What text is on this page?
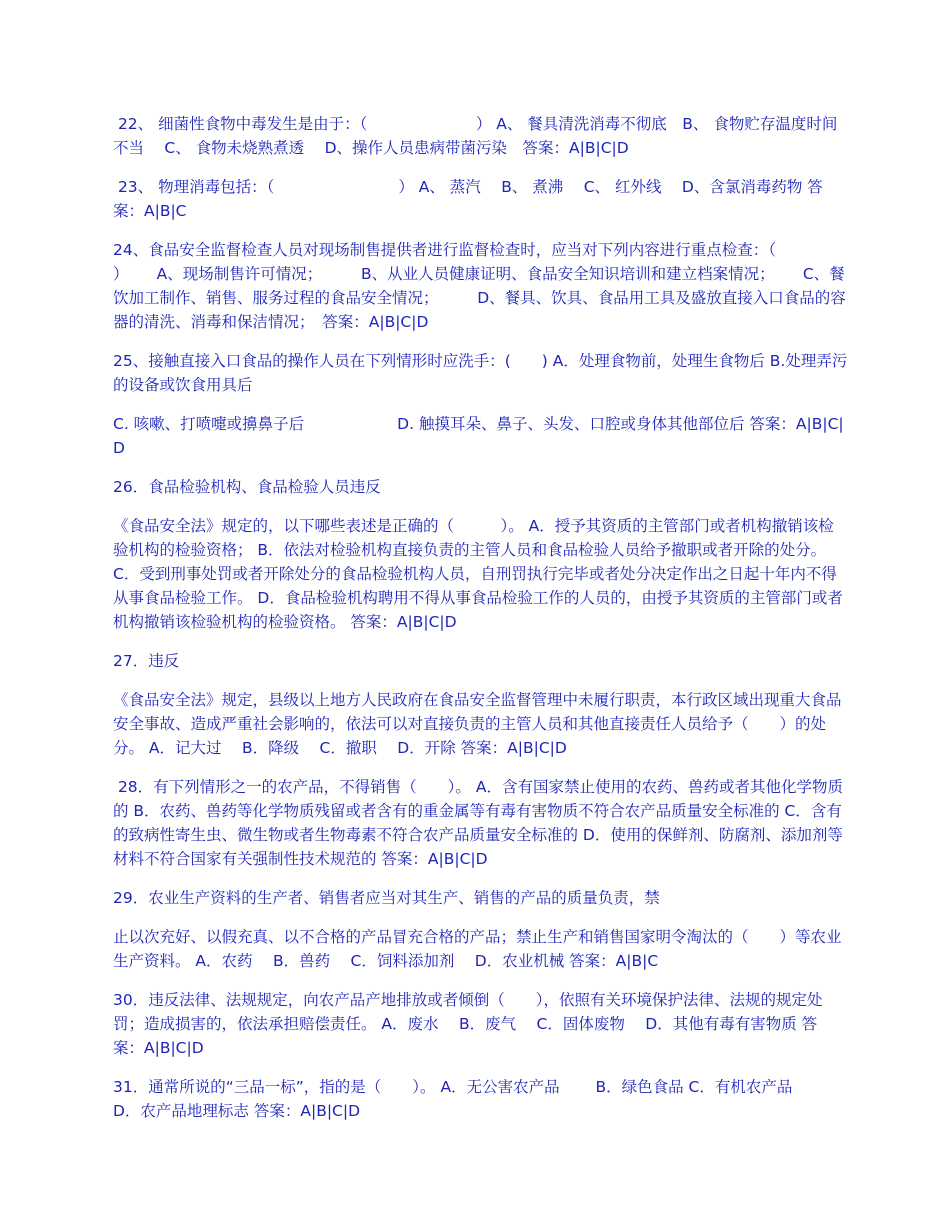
22、 细菌性食物中毒发生是由于：（　　　　　　　） A、 餐具清洗消毒不彻底　B、 食物贮存温度时间不当　 C、 食物未烧熟煮透　 D、操作人员患病带菌污染　答案：A|B|C|D

23、 物理消毒包括：（　　　　　　　　） A、 蒸汽　 B、 煮沸　 C、 红外线　 D、含氯消毒药物 答案：A|B|C

24、食品安全监督检查人员对现场制售提供者进行监督检查时，应当对下列内容进行重点检查：（　　　　　）　　 A、现场制售许可情况；　　　B、从业人员健康证明、食品安全知识培训和建立档案情况；　　 C、餐饮加工制作、销售、服务过程的食品安全情况；　　　D、餐具、饮具、食品用工具及盛放直接入口食品的容器的清洗、消毒和保洁情况；　答案：A|B|C|D

25、接触直接入口食品的操作人员在下列情形时应洗手：(　　) A．处理食物前，处理生食物后 B.处理弄污的设备或饮食用具后

C. 咳嗽、打喷嚏或擤鼻子后　　　　　　D. 触摸耳朵、鼻子、头发、口腔或身体其他部位后 答案：A|B|C|D

26．食品检验机构、食品检验人员违反

《食品安全法》规定的，以下哪些表述是正确的（　　　）。 A．授予其资质的主管部门或者机构撤销该检验机构的检验资格； B．依法对检验机构直接负责的主管人员和食品检验人员给予撤职或者开除的处分。 C．受到刑事处罚或者开除处分的食品检验机构人员，自刑罚执行完毕或者处分决定作出之日起十年内不得从事食品检验工作。 D．食品检验机构聘用不得从事食品检验工作的人员的，由授予其资质的主管部门或者机构撤销该检验机构的检验资格。 答案：A|B|C|D

27．违反

《食品安全法》规定，县级以上地方人民政府在食品安全监督管理中未履行职责，本行政区域出现重大食品安全事故、造成严重社会影响的，依法可以对直接负责的主管人员和其他直接责任人员给予（　　）的处分。 A．记大过　 B．降级　 C．撤职　 D．开除 答案：A|B|C|D

28．有下列情形之一的农产品，不得销售（　　）。 A．含有国家禁止使用的农药、兽药或者其他化学物质的 B．农药、兽药等化学物质残留或者含有的重金属等有毒有害物质不符合农产品质量安全标准的 C．含有的致病性寄生虫、微生物或者生物毒素不符合农产品质量安全标准的 D．使用的保鲜剂、防腐剂、添加剂等材料不符合国家有关强制性技术规范的 答案：A|B|C|D

29．农业生产资料的生产者、销售者应当对其生产、销售的产品的质量负责，禁

止以次充好、以假充真、以不合格的产品冒充合格的产品；禁止生产和销售国家明令淘汰的（　　）等农业生产资料。 A．农药　 B．兽药　 C．饲料添加剂　 D．农业机械 答案：A|B|C

30．违反法律、法规规定，向农产品产地排放或者倾倒（　　），依照有关环境保护法律、法规的规定处罚；造成损害的，依法承担赔偿责任。 A．废水　 B．废气　 C．固体废物　 D．其他有毒有害物质 答案：A|B|C|D

31．通常所说的“三品一标”，指的是（　　）。 A．无公害农产品　　 B．绿色食品 C．有机农产品　　 D．农产品地理标志 答案：A|B|C|D
